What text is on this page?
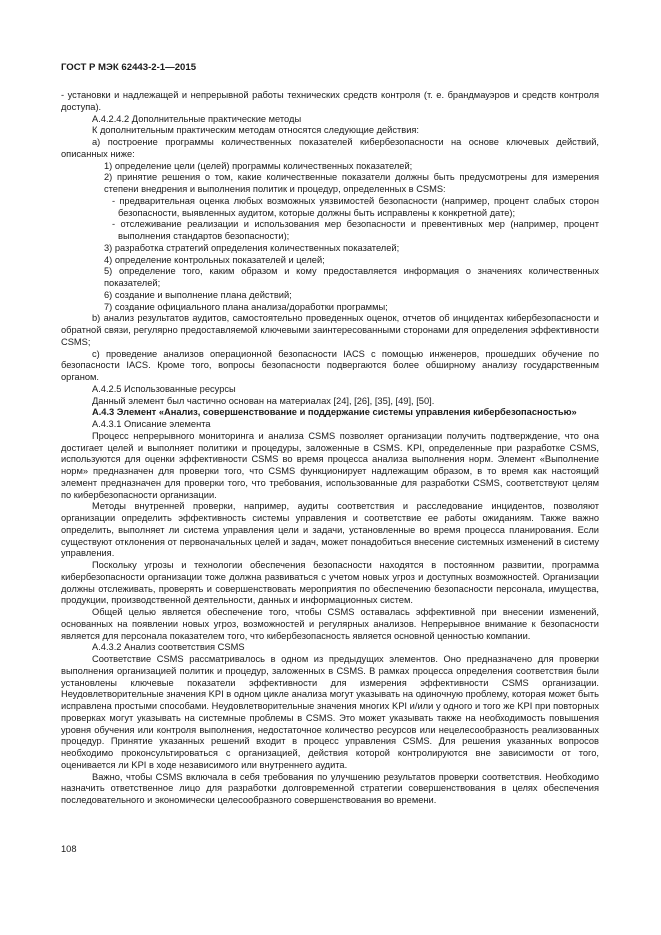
ГОСТ Р МЭК 62443-2-1—2015

- установки и надлежащей и непрерывной работы технических средств контроля (т. е. брандмауэров и средств контроля доступа).

A.4.2.4.2 Дополнительные практические методы

К дополнительным практическим методам относятся следующие действия:

а) построение программы количественных показателей кибербезопасности на основе ключевых действий, описанных ниже:

1) определение цели (целей) программы количественных показателей;

2) принятие решения о том, какие количественные показатели должны быть предусмотрены для измерения степени внедрения и выполнения политик и процедур, определенных в CSMS:

- предварительная оценка любых возможных уязвимостей безопасности (например, процент слабых сторон безопасности, выявленных аудитом, которые должны быть исправлены к конкретной дате);

- отслеживание реализации и использования мер безопасности и превентивных мер (например, процент выполнения стандартов безопасности);

3) разработка стратегий определения количественных показателей;

4) определение контрольных показателей и целей;

5) определение того, каким образом и кому предоставляется информация о значениях количественных показателей;

6) создание и выполнение плана действий;

7) создание официального плана анализа/доработки программы;

b) анализ результатов аудитов, самостоятельно проведенных оценок, отчетов об инцидентах кибербезопасности и обратной связи, регулярно предоставляемой ключевыми заинтересованными сторонами для определения эффективности CSMS;

с) проведение анализов операционной безопасности IACS с помощью инженеров, прошедших обучение по безопасности IACS. Кроме того, вопросы безопасности подвергаются более обширному анализу государственным органом.

A.4.2.5 Использованные ресурсы

Данный элемент был частично основан на материалах [24], [26], [35], [49], [50].

A.4.3 Элемент «Анализ, совершенствование и поддержание системы управления кибербезопасностью»

A.4.3.1 Описание элемента

Процесс непрерывного мониторинга и анализа CSMS позволяет организации получить подтверждение, что она достигает целей и выполняет политики и процедуры, заложенные в CSMS. KPI, определенные при разработке CSMS, используются для оценки эффективности CSMS во время процесса анализа выполнения норм. Элемент «Выполнение норм» предназначен для проверки того, что CSMS функционирует надлежащим образом, в то время как настоящий элемент предназначен для проверки того, что требования, использованные для разработки CSMS, соответствуют целям по кибербезопасности организации.

Методы внутренней проверки, например, аудиты соответствия и расследование инцидентов, позволяют организации определить эффективность системы управления и соответствие ее работы ожиданиям. Также важно определить, выполняет ли система управления цели и задачи, установленные во время процесса планирования. Если существуют отклонения от первоначальных целей и задач, может понадобиться внесение системных изменений в систему управления.

Поскольку угрозы и технологии обеспечения безопасности находятся в постоянном развитии, программа кибербезопасности организации тоже должна развиваться с учетом новых угроз и доступных возможностей. Организации должны отслеживать, проверять и совершенствовать мероприятия по обеспечению безопасности персонала, имущества, продукции, производственной деятельности, данных и информационных систем.

Общей целью является обеспечение того, чтобы CSMS оставалась эффективной при внесении изменений, основанных на появлении новых угроз, возможностей и регулярных анализов. Непрерывное внимание к безопасности является для персонала показателем того, что кибербезопасность является основной ценностью компании.

A.4.3.2 Анализ соответствия CSMS

Соответствие CSMS рассматривалось в одном из предыдущих элементов. Оно предназначено для проверки выполнения организацией политик и процедур, заложенных в CSMS. В рамках процесса определения соответствия были установлены ключевые показатели эффективности для измерения эффективности CSMS организации. Неудовлетворительные значения KPI в одном цикле анализа могут указывать на одиночную проблему, которая может быть исправлена простыми способами. Неудовлетворительные значения многих KPI и/или у одного и того же KPI при повторных проверках могут указывать на системные проблемы в CSMS. Это может указывать также на необходимость повышения уровня обучения или контроля выполнения, недостаточное количество ресурсов или нецелесообразность реализованных процедур. Принятие указанных решений входит в процесс управления CSMS. Для решения указанных вопросов необходимо проконсультироваться с организацией, действия которой контролируются вне зависимости от того, оценивается ли KPI в ходе независимого или внутреннего аудита.

Важно, чтобы CSMS включала в себя требования по улучшению результатов проверки соответствия. Необходимо назначить ответственное лицо для разработки долговременной стратегии совершенствования в целях обеспечения последовательного и экономически целесообразного совершенствования во времени.

108
